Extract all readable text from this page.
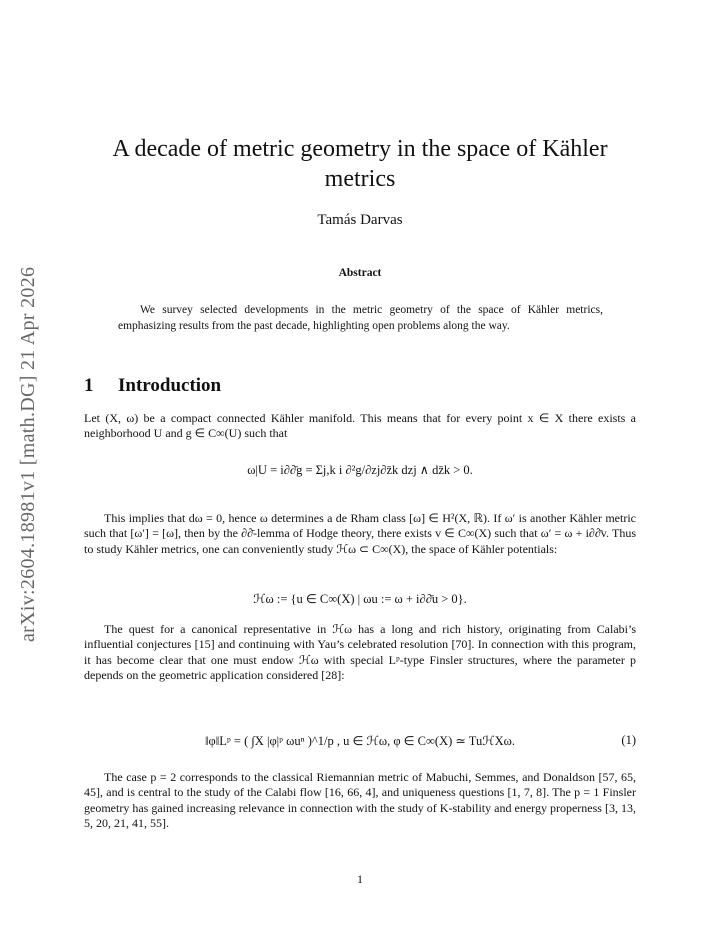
arXiv:2604.18981v1 [math.DG] 21 Apr 2026
A decade of metric geometry in the space of Kähler
metrics
Tamás Darvas
Abstract
We survey selected developments in the metric geometry of the space of Kähler metrics, emphasizing results from the past decade, highlighting open problems along the way.
1 Introduction
Let (X, ω) be a compact connected Kähler manifold. This means that for every point x ∈ X there exists a neighborhood U and g ∈ C∞(U) such that
ω|U = i∂∂̄g = Σj,k i ∂²g/∂zj∂z̄k dzj ∧ dz̄k > 0.
This implies that dω = 0, hence ω determines a de Rham class [ω] ∈ H²(X, ℝ). If ω′ is another Kähler metric such that [ω′] = [ω], then by the ∂∂̄-lemma of Hodge theory, there exists v ∈ C∞(X) such that ω′ = ω + i∂∂̄v. Thus to study Kähler metrics, one can conveniently study ℋω ⊂ C∞(X), the space of Kähler potentials:
ℋω := {u ∈ C∞(X) | ωu := ω + i∂∂̄u > 0}.
The quest for a canonical representative in ℋω has a long and rich history, originating from Calabi’s influential conjectures [15] and continuing with Yau’s celebrated resolution [70]. In connection with this program, it has become clear that one must endow ℋω with special Lᵖ-type Finsler structures, where the parameter p depends on the geometric application considered [28]:
‖φ‖Lᵖ = ( ∫X |φ|ᵖ ωuⁿ )^1/p , u ∈ ℋω, φ ∈ C∞(X) ≃ TuℋXω.	(1)
The case p = 2 corresponds to the classical Riemannian metric of Mabuchi, Semmes, and Donaldson [57, 65, 45], and is central to the study of the Calabi flow [16, 66, 4], and uniqueness questions [1, 7, 8]. The p = 1 Finsler geometry has gained increasing relevance in connection with the study of K-stability and energy properness [3, 13, 5, 20, 21, 41, 55].
1
